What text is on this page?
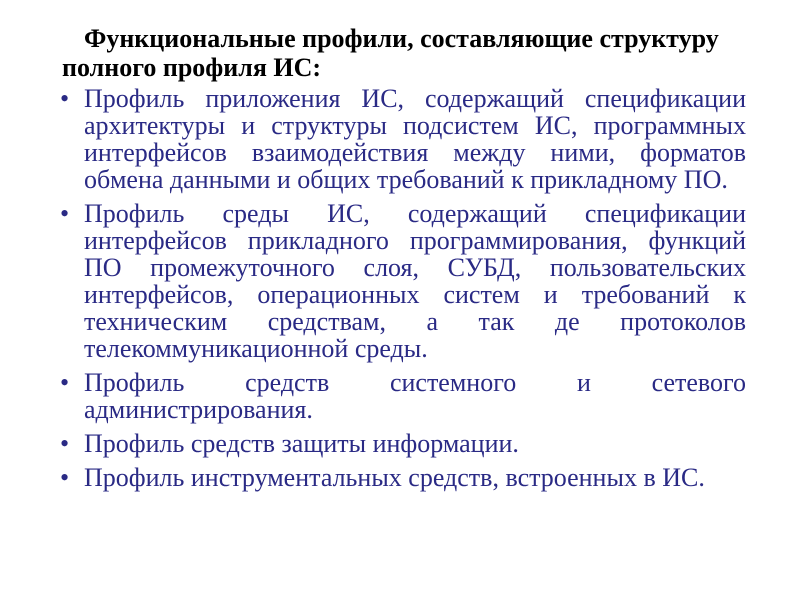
Функциональные профили, составляющие структуру
полного профиля ИС:
• Профиль приложения ИС, содержащий спецификации
архитектуры и структуры подсистем ИС, программных
интерфейсов взаимодействия между ними, форматов
обмена данными и общих требований к прикладному ПО.
• Профиль среды ИС, содержащий спецификации
интерфейсов прикладного программирования, функций
ПО промежуточного слоя, СУБД, пользовательских
интерфейсов, операционных систем и требований к
техническим средствам, а так де протоколов
телекоммуникационной среды.
• Профиль средств системного и сетевого
администрирования.
• Профиль средств защиты информации.
• Профиль инструментальных средств, встроенных в ИС.
